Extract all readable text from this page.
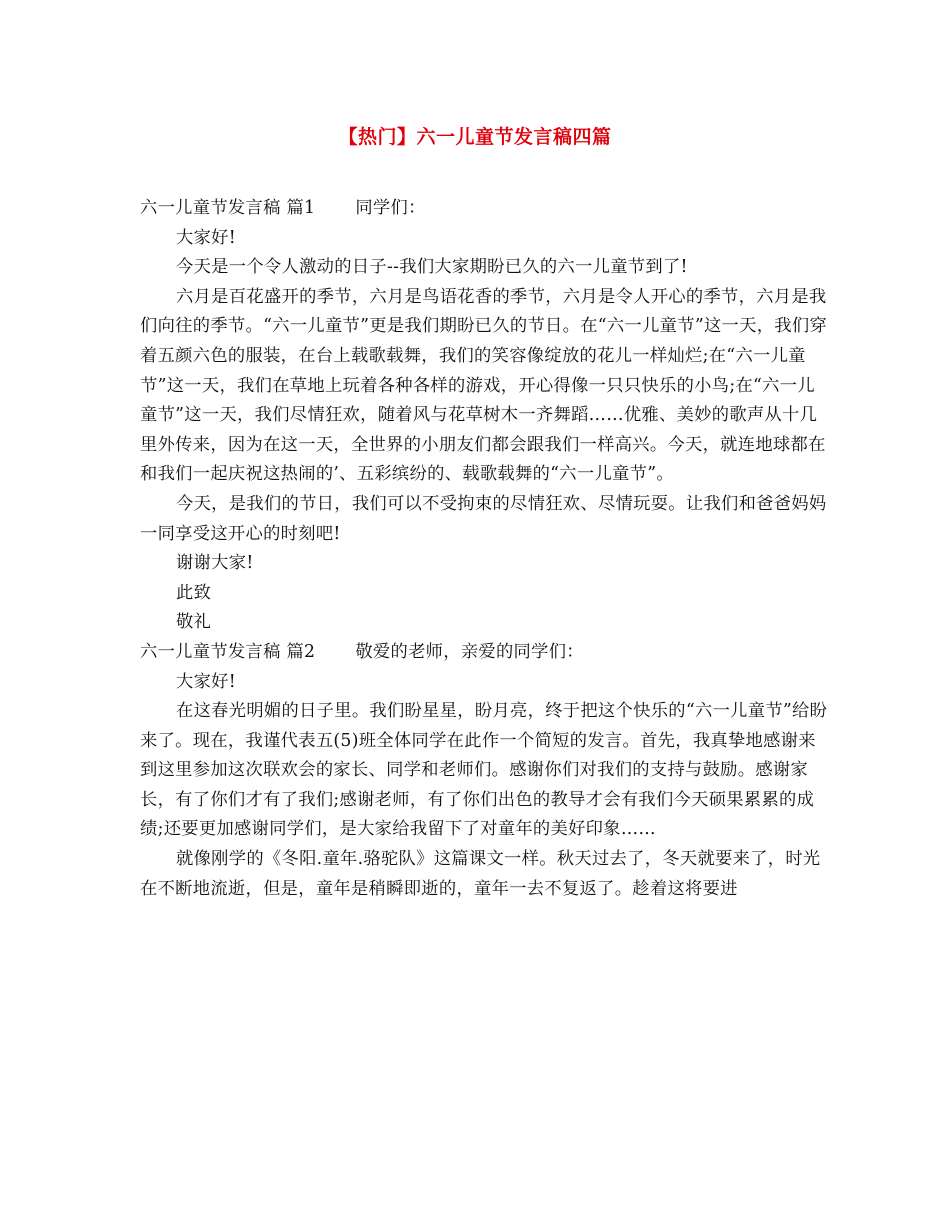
【热门】六一儿童节发言稿四篇

六一儿童节发言稿 篇1 同学们：

大家好!

今天是一个令人激动的日子--我们大家期盼已久的六一儿童节到了!

六月是百花盛开的季节，六月是鸟语花香的季节，六月是令人开心的季节，六月是我们向往的季节。“六一儿童节”更是我们期盼已久的节日。在“六一儿童节”这一天，我们穿着五颜六色的服装，在台上载歌载舞，我们的笑容像绽放的花儿一样灿烂;在“六一儿童节”这一天，我们在草地上玩着各种各样的游戏，开心得像一只只快乐的小鸟;在“六一儿童节”这一天，我们尽情狂欢，随着风与花草树木一齐舞蹈……优雅、美妙的歌声从十几里外传来，因为在这一天，全世界的小朋友们都会跟我们一样高兴。今天，就连地球都在和我们一起庆祝这热闹的’、五彩缤纷的、载歌载舞的“六一儿童节”。

今天，是我们的节日，我们可以不受拘束的尽情狂欢、尽情玩耍。让我们和爸爸妈妈一同享受这开心的时刻吧!

谢谢大家!

此致

敬礼

六一儿童节发言稿 篇2 敬爱的老师，亲爱的同学们：

大家好!

在这春光明媚的日子里。我们盼星星，盼月亮，终于把这个快乐的“六一儿童节”给盼来了。现在，我谨代表五(5)班全体同学在此作一个简短的发言。首先，我真挚地感谢来到这里参加这次联欢会的家长、同学和老师们。感谢你们对我们的支持与鼓励。感谢家长，有了你们才有了我们;感谢老师，有了你们出色的教导才会有我们今天硕果累累的成绩;还要更加感谢同学们，是大家给我留下了对童年的美好印象……

就像刚学的《冬阳.童年.骆驼队》这篇课文一样。秋天过去了，冬天就要来了，时光在不断地流逝，但是，童年是稍瞬即逝的，童年一去不复返了。趁着这将要进
